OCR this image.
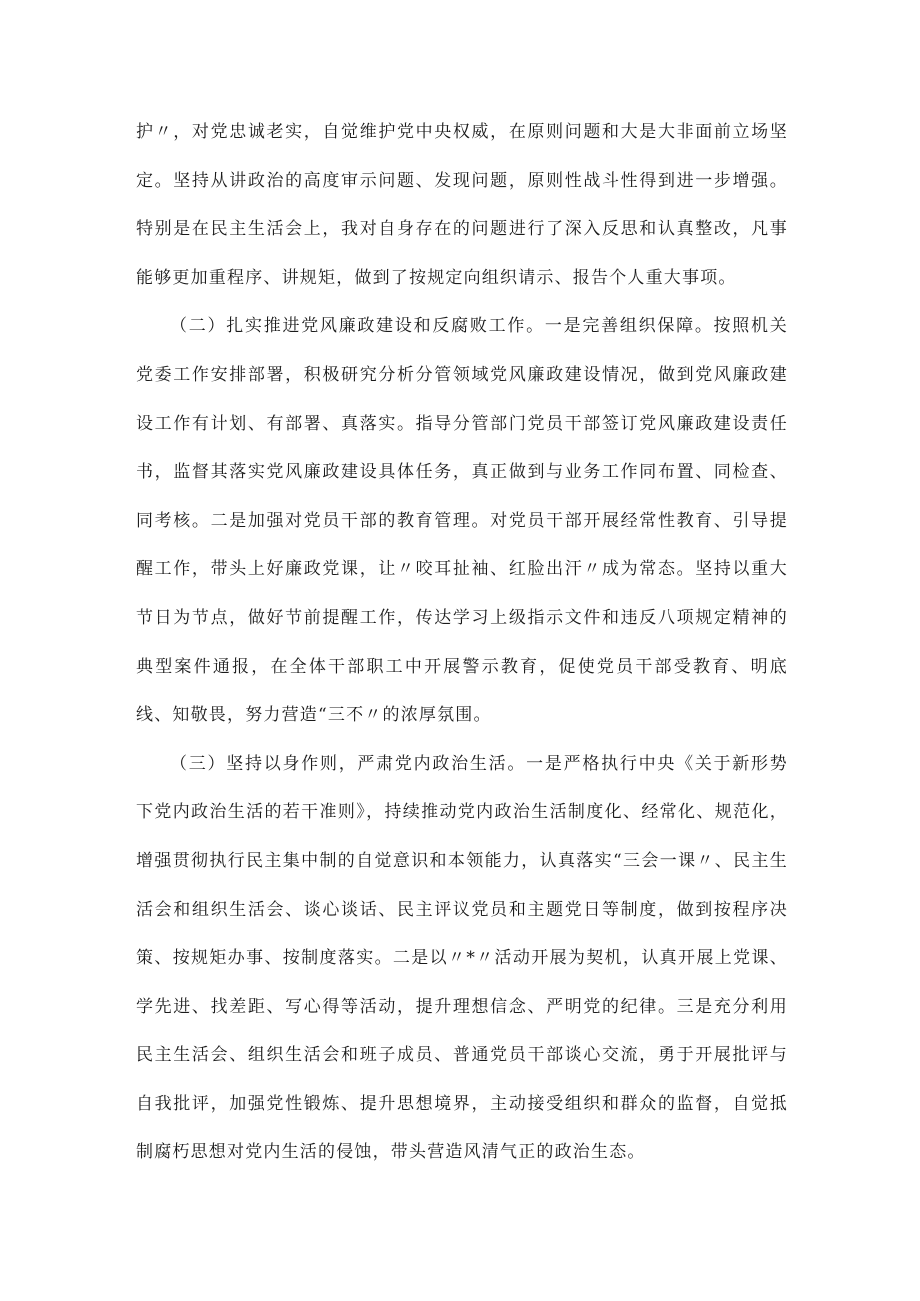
护〃，对党忠诚老实，自觉维护党中央权威，在原则问题和大是大非面前立场坚定。坚持从讲政治的高度审示问题、发现问题，原则性战斗性得到进一步增强。特别是在民主生活会上，我对自身存在的问题进行了深入反思和认真整改，凡事能够更加重程序、讲规矩，做到了按规定向组织请示、报告个人重大事项。

（二）扎实推进党风廉政建设和反腐败工作。一是完善组织保障。按照机关党委工作安排部署，积极研究分析分管领域党风廉政建设情况，做到党风廉政建设工作有计划、有部署、真落实。指导分管部门党员干部签订党风廉政建设责任书，监督其落实党风廉政建设具体任务，真正做到与业务工作同布置、同检查、同考核。二是加强对党员干部的教育管理。对党员干部开展经常性教育、引导提醒工作，带头上好廉政党课，让〃咬耳扯袖、红脸出汗〃成为常态。坚持以重大节日为节点，做好节前提醒工作，传达学习上级指示文件和违反八项规定精神的典型案件通报，在全体干部职工中开展警示教育，促使党员干部受教育、明底线、知敬畏，努力营造“三不〃的浓厚氛围。

（三）坚持以身作则，严肃党内政治生活。一是严格执行中央《关于新形势下党内政治生活的若干准则》，持续推动党内政治生活制度化、经常化、规范化，增强贯彻执行民主集中制的自觉意识和本领能力，认真落实“三会一课〃、民主生活会和组织生活会、谈心谈话、民主评议党员和主题党日等制度，做到按程序决策、按规矩办事、按制度落实。二是以〃*〃活动开展为契机，认真开展上党课、学先进、找差距、写心得等活动，提升理想信念、严明党的纪律。三是充分利用民主生活会、组织生活会和班子成员、普通党员干部谈心交流，勇于开展批评与自我批评，加强党性锻炼、提升思想境界，主动接受组织和群众的监督，自觉抵制腐朽思想对党内生活的侵蚀，带头营造风清气正的政治生态。
